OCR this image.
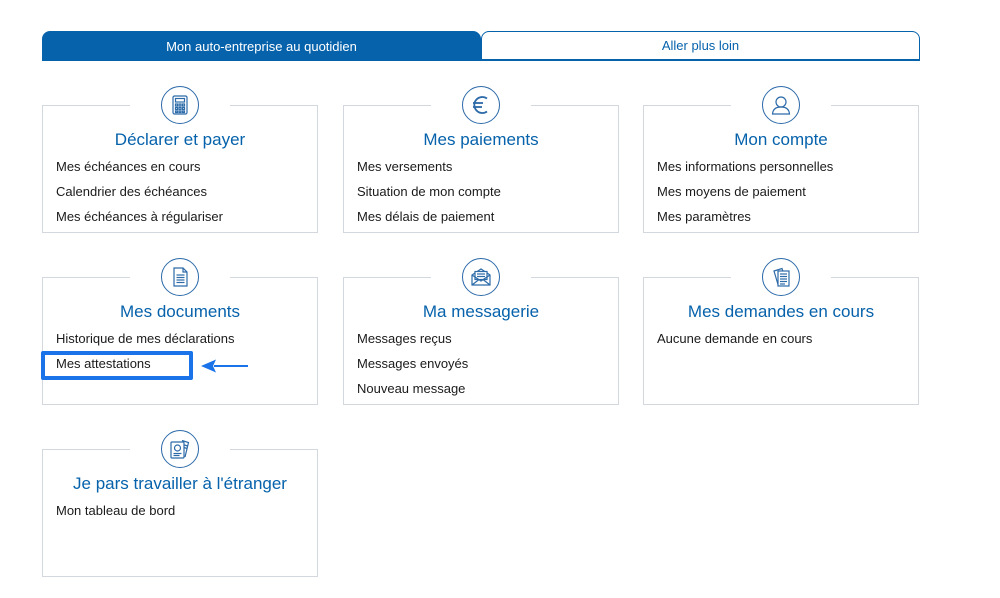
Mon auto-entreprise au quotidien	Aller plus loin
Déclarer et payer
Mes échéances en cours
Calendrier des échéances
Mes échéances à régulariser
Mes paiements
Mes versements
Situation de mon compte
Mes délais de paiement
Mon compte
Mes informations personnelles
Mes moyens de paiement
Mes paramètres
Mes documents
Historique de mes déclarations
Mes attestations
Ma messagerie
Messages reçus
Messages envoyés
Nouveau message
Mes demandes en cours
Aucune demande en cours
Je pars travailler à l'étranger
Mon tableau de bord
